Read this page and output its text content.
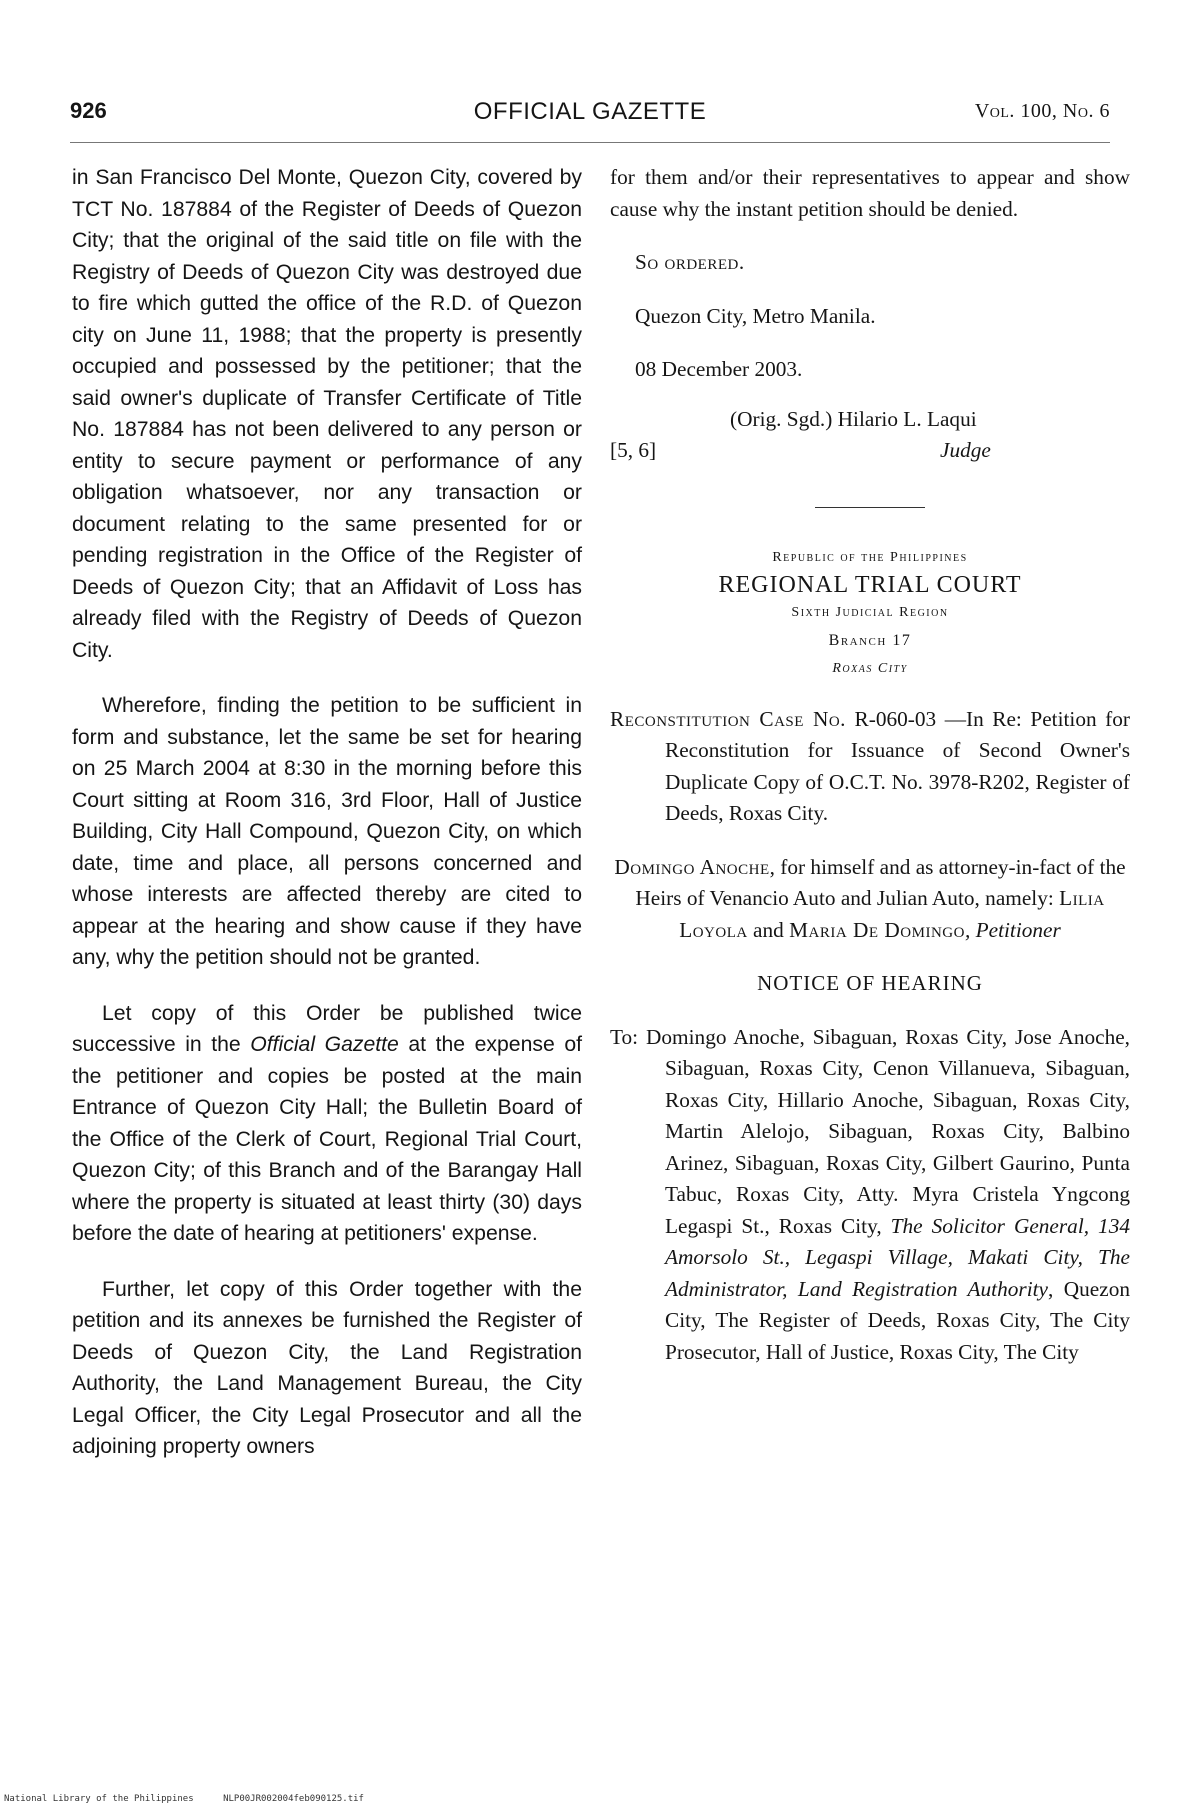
926	OFFICIAL GAZETTE	Vol. 100, No. 6

in San Francisco Del Monte, Quezon City, covered by TCT No. 187884 of the Register of Deeds of Quezon City; that the original of the said title on file with the Registry of Deeds of Quezon City was destroyed due to fire which gutted the office of the R.D. of Quezon city on June 11, 1988; that the property is presently occupied and possessed by the petitioner; that the said owner's duplicate of Transfer Certificate of Title No. 187884 has not been delivered to any person or entity to secure payment or performance of any obligation whatsoever, nor any transaction or document relating to the same presented for or pending registration in the Office of the Register of Deeds of Quezon City; that an Affidavit of Loss has already filed with the Registry of Deeds of Quezon City.

Wherefore, finding the petition to be sufficient in form and substance, let the same be set for hearing on 25 March 2004 at 8:30 in the morning before this Court sitting at Room 316, 3rd Floor, Hall of Justice Building, City Hall Compound, Quezon City, on which date, time and place, all persons concerned and whose interests are affected thereby are cited to appear at the hearing and show cause if they have any, why the petition should not be granted.

Let copy of this Order be published twice successive in the Official Gazette at the expense of the petitioner and copies be posted at the main Entrance of Quezon City Hall; the Bulletin Board of the Office of the Clerk of Court, Regional Trial Court, Quezon City; of this Branch and of the Barangay Hall where the property is situated at least thirty (30) days before the date of hearing at petitioners' expense.

Further, let copy of this Order together with the petition and its annexes be furnished the Register of Deeds of Quezon City, the Land Registration Authority, the Land Management Bureau, the City Legal Officer, the City Legal Prosecutor and all the adjoining property owners

for them and/or their representatives to appear and show cause why the instant petition should be denied.

So ordered.

Quezon City, Metro Manila.

08 December 2003.

(Orig. Sgd.) Hilario L. Laqui

[5, 6]	Judge

Republic of the Philippines

REGIONAL TRIAL COURT

Sixth Judicial Region

Branch 17

Roxas City

Reconstitution Case No. R-060-03 —In Re: Petition for Reconstitution for Issuance of Second Owner's Duplicate Copy of O.C.T. No. 3978-R202, Register of Deeds, Roxas City.

Domingo Anoche, for himself and as attorney-in-fact of the Heirs of Venancio Auto and Julian Auto, namely: Lilia Loyola and Maria De Domingo, Petitioner

NOTICE OF HEARING

To: Domingo Anoche, Sibaguan, Roxas City, Jose Anoche, Sibaguan, Roxas City, Cenon Villanueva, Sibaguan, Roxas City, Hillario Anoche, Sibaguan, Roxas City, Martin Alelojo, Sibaguan, Roxas City, Balbino Arinez, Sibaguan, Roxas City, Gilbert Gaurino, Punta Tabuc, Roxas City, Atty. Myra Cristela Yngcong Legaspi St., Roxas City, The Solicitor General, 134 Amorsolo St., Legaspi Village, Makati City, The Administrator, Land Registration Authority, Quezon City, The Register of Deeds, Roxas City, The City Prosecutor, Hall of Justice, Roxas City, The City

National Library of the Philippines	NLP00JR002004feb090125.tif
